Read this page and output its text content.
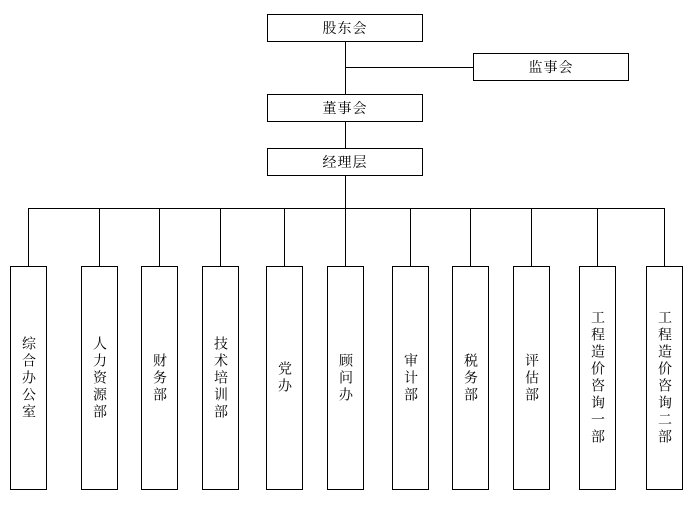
股东会
监事会
董事会
经理层
综合办公室	人力资源部	财务部	技术培训部	党办	顾问办	审计部	税务部	评估部	工程造价咨询一部	工程造价咨询二部
